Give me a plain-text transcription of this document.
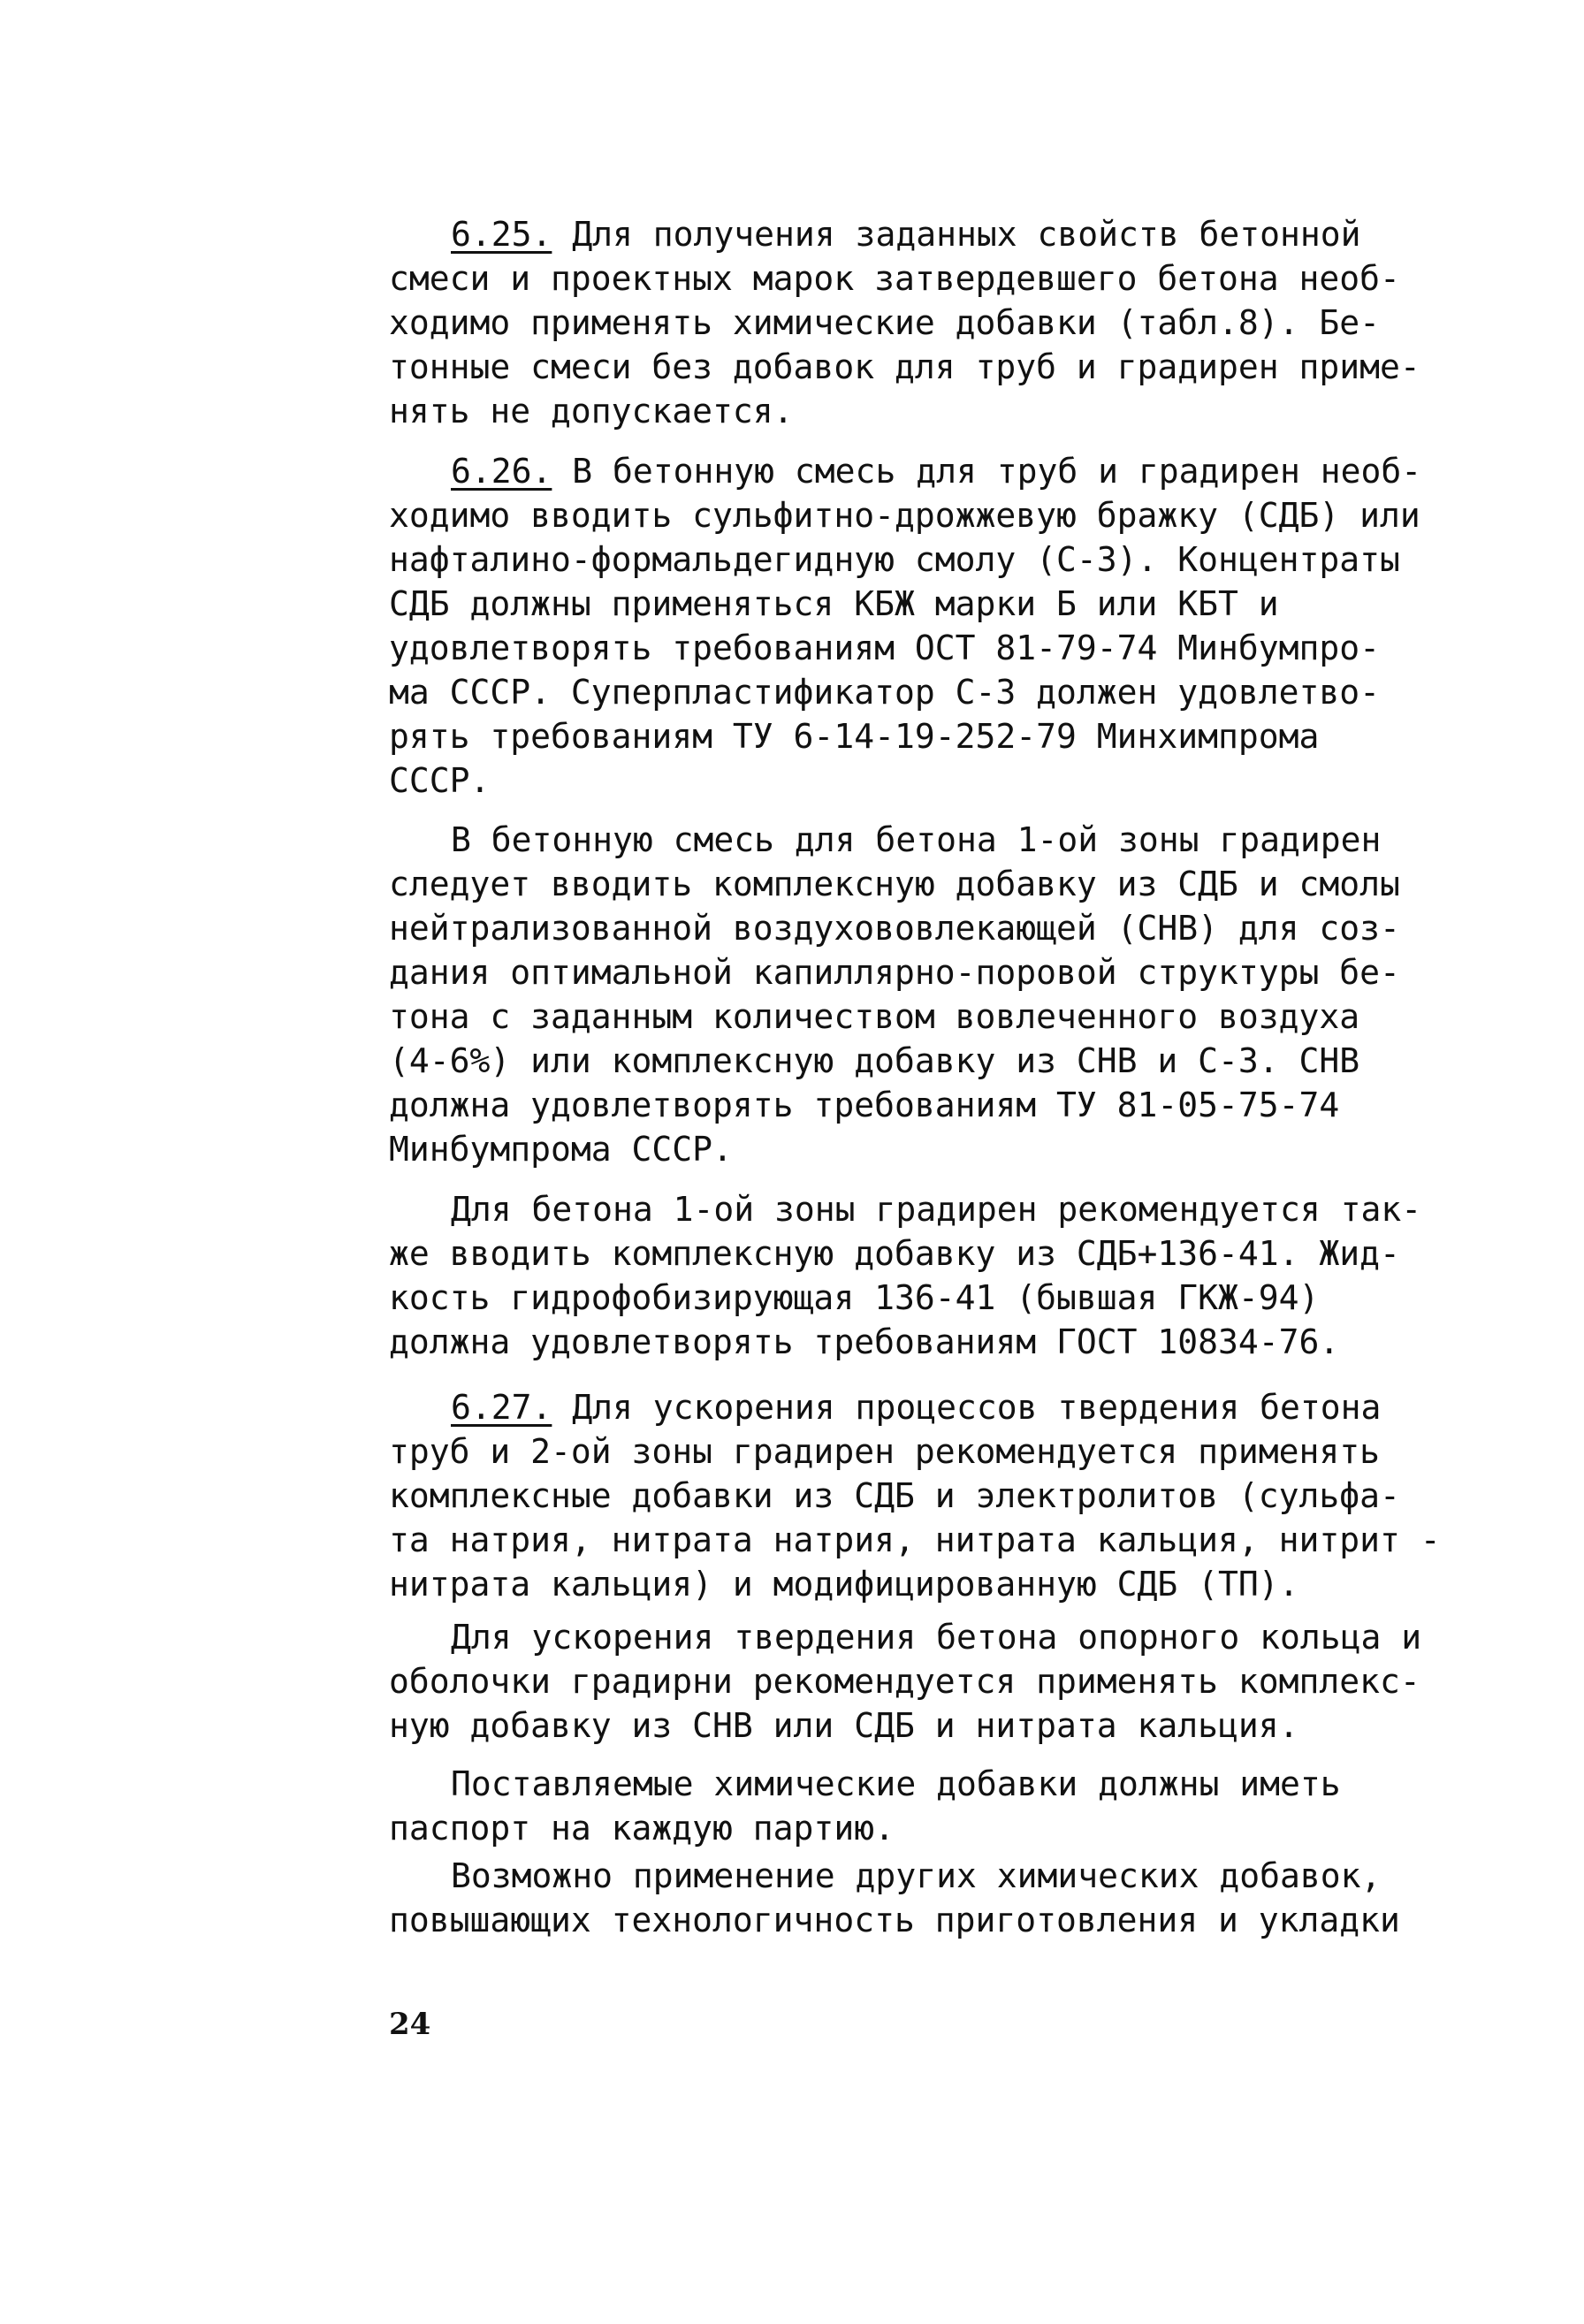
6.25. Для получения заданных свойств бетонной
смеси и проектных марок затвердевшего бетона необ-
ходимо применять химические добавки (табл.8). Бе-
тонные смеси без добавок для труб и градирен приме-
нять не допускается.
6.26. В бетонную смесь для труб и градирен необ-
ходимо вводить сульфитно-дрожжевую бражку (СДБ) или
нафталино-формальдегидную смолу (С-3). Концентраты
СДБ должны применяться КБЖ марки Б или КБТ и
удовлетворять требованиям ОСТ 81-79-74 Минбумпро-
ма СССР. Суперпластификатор С-3 должен удовлетво-
рять требованиям ТУ 6-14-19-252-79 Минхимпрома
СССР.
В бетонную смесь для бетона 1-ой зоны градирен
следует вводить комплексную добавку из СДБ и смолы
нейтрализованной воздухововлекающей (СНВ) для соз-
дания оптимальной капиллярно-поровой структуры бе-
тона с заданным количеством вовлеченного воздуха
(4-6%) или комплексную добавку из СНВ и С-3. СНВ
должна удовлетворять требованиям ТУ 81-05-75-74
Минбумпрома СССР.
Для бетона 1-ой зоны градирен рекомендуется так-
же вводить комплексную добавку из СДБ+136-41. Жид-
кость гидрофобизирующая 136-41 (бывшая ГКЖ-94)
должна удовлетворять требованиям ГОСТ 10834-76.
6.27. Для ускорения процессов твердения бетона
труб и 2-ой зоны градирен рекомендуется применять
комплексные добавки из СДБ и электролитов (сульфа-
та натрия, нитрата натрия, нитрата кальция, нитрит -
нитрата кальция) и модифицированную СДБ (ТП).
Для ускорения твердения бетона опорного кольца и
оболочки градирни рекомендуется применять комплекс-
ную добавку из СНВ или СДБ и нитрата кальция.
Поставляемые химические добавки должны иметь
паспорт на каждую партию.
Возможно применение других химических добавок,
повышающих технологичность приготовления и укладки
24
